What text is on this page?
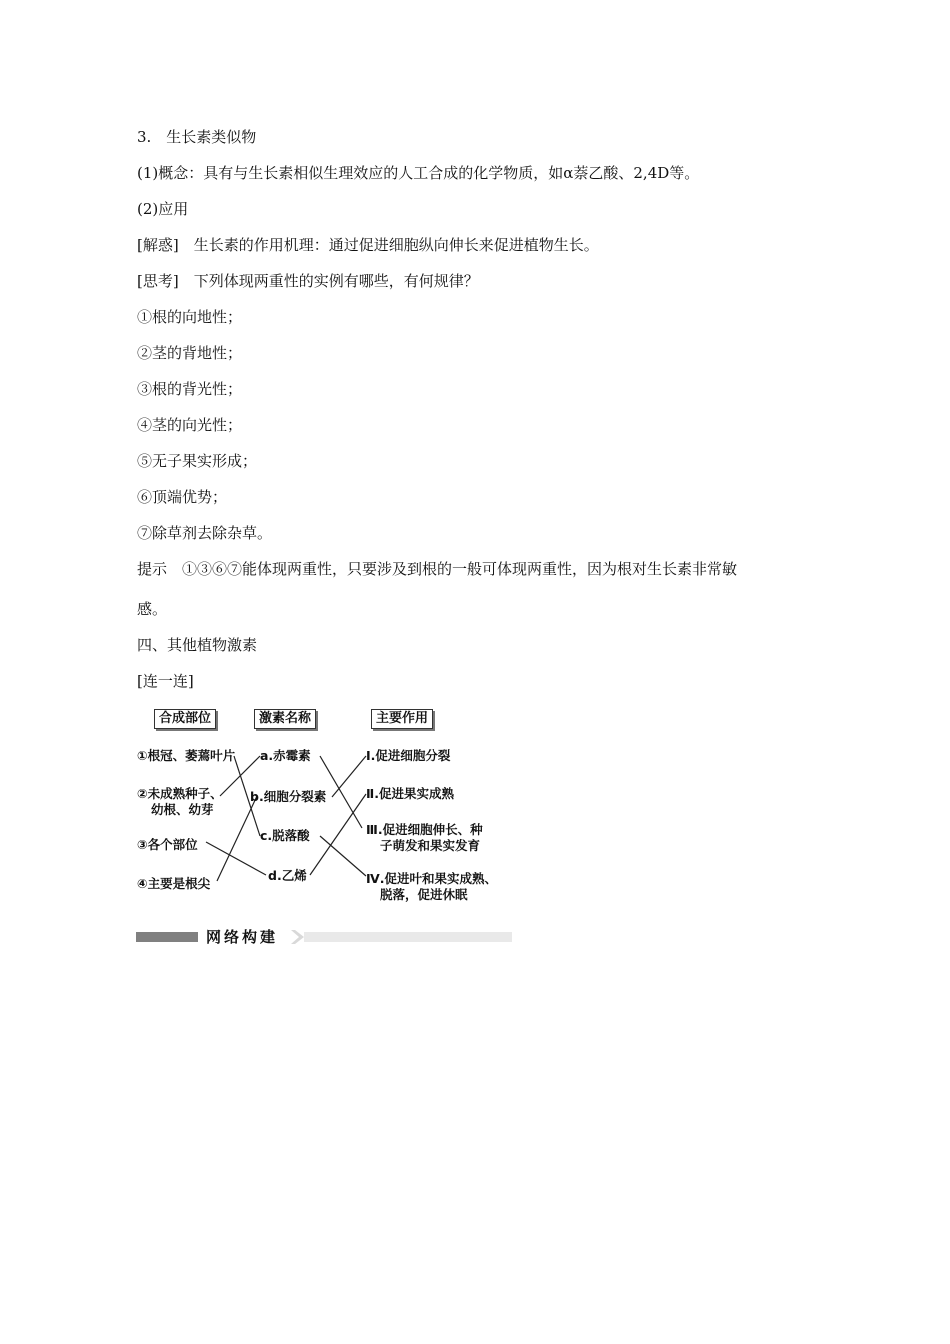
3.　生长素类似物
(1)概念：具有与生长素相似生理效应的人工合成的化学物质，如α萘乙酸、2,4D等。
(2)应用
[解惑]　生长素的作用机理：通过促进细胞纵向伸长来促进植物生长。
[思考]　下列体现两重性的实例有哪些，有何规律？
①根的向地性；
②茎的背地性；
③根的背光性；
④茎的向光性；
⑤无子果实形成；
⑥顶端优势；
⑦除草剂去除杂草。
提示　①③⑥⑦能体现两重性，只要涉及到根的一般可体现两重性，因为根对生长素非常敏
感。
四、其他植物激素
[连一连]
合成部位	激素名称	主要作用
①根冠、萎蔫叶片
②未成熟种子、
幼根、幼芽
③各个部位
④主要是根尖
a.赤霉素
b.细胞分裂素
c.脱落酸
d.乙烯
Ⅰ.促进细胞分裂
Ⅱ.促进果实成熟
Ⅲ.促进细胞伸长、种
子萌发和果实发育
Ⅳ.促进叶和果实成熟、
脱落，促进休眠
网络构建
